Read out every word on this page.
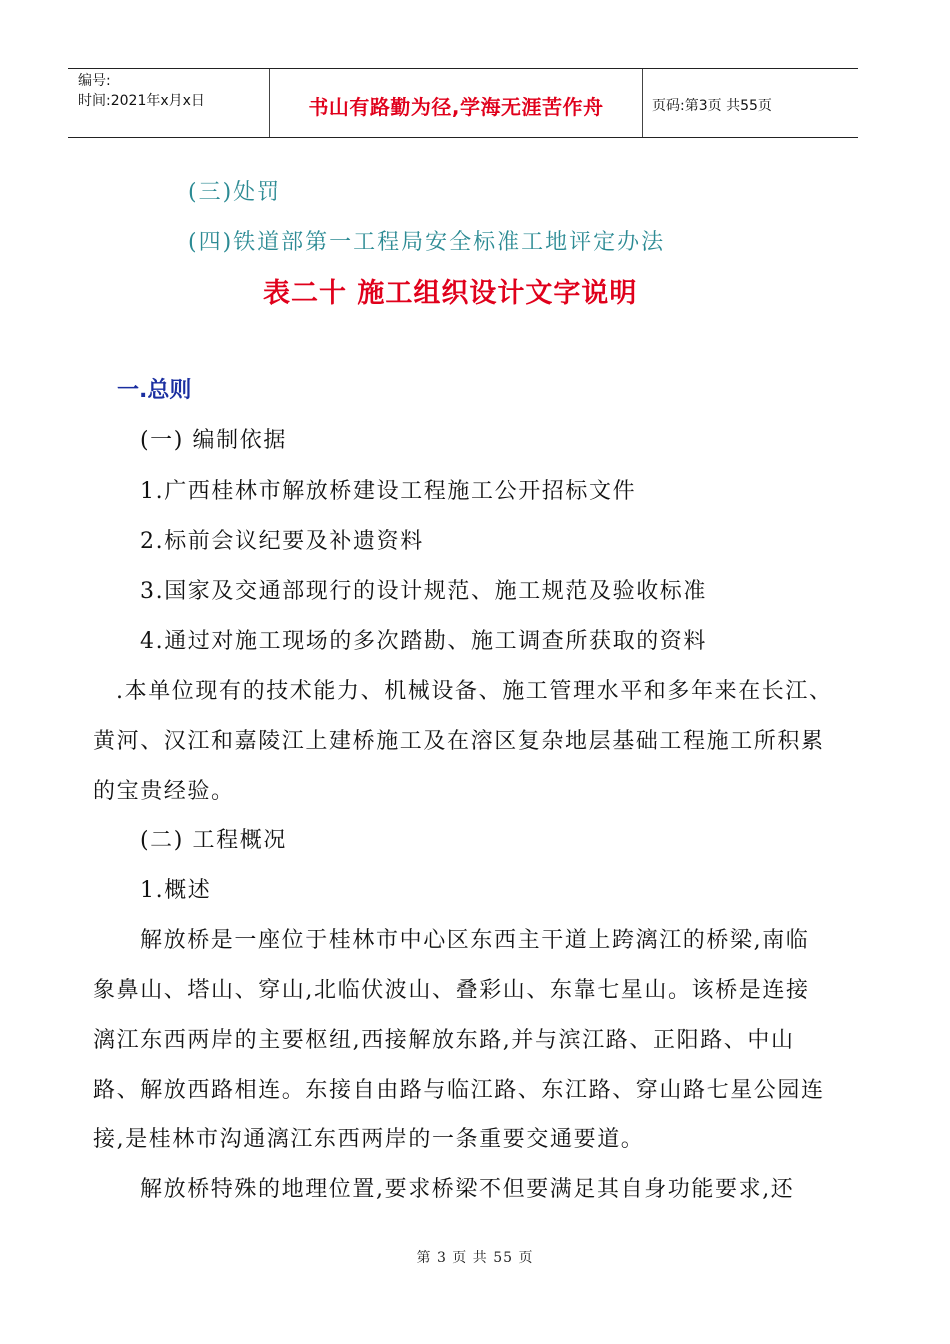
编号:
时间:2021年x月x日	书山有路勤为径,学海无涯苦作舟	页码:第3页 共55页
(三)处罚
(四)铁道部第一工程局安全标准工地评定办法
表二十 施工组织设计文字说明
一.总则
(一) 编制依据
1.广西桂林市解放桥建设工程施工公开招标文件
2.标前会议纪要及补遗资料
3.国家及交通部现行的设计规范、施工规范及验收标准
4.通过对施工现场的多次踏勘、施工调查所获取的资料
.本单位现有的技术能力、机械设备、施工管理水平和多年来在长江、
黄河、汉江和嘉陵江上建桥施工及在溶区复杂地层基础工程施工所积累
的宝贵经验。
(二) 工程概况
1.概述
解放桥是一座位于桂林市中心区东西主干道上跨漓江的桥梁,南临
象鼻山、塔山、穿山,北临伏波山、叠彩山、东靠七星山。该桥是连接
漓江东西两岸的主要枢纽,西接解放东路,并与滨江路、正阳路、中山
路、解放西路相连。东接自由路与临江路、东江路、穿山路七星公园连
接,是桂林市沟通漓江东西两岸的一条重要交通要道。
解放桥特殊的地理位置,要求桥梁不但要满足其自身功能要求,还
第 3 页 共 55 页
